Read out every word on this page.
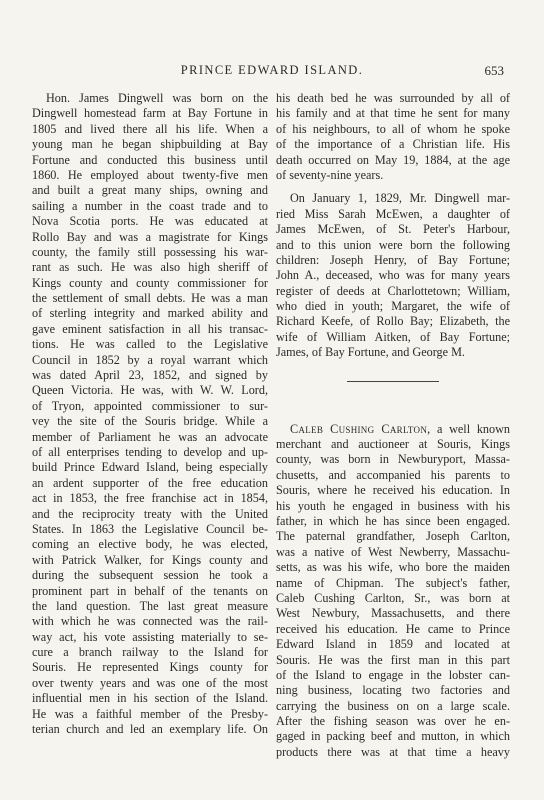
PRINCE EDWARD ISLAND.	653
Hon. James Dingwell was born on the
Dingwell homestead farm at Bay Fortune in
1805 and lived there all his life. When a
young man he began shipbuilding at Bay
Fortune and conducted this business until
1860. He employed about twenty-five men
and built a great many ships, owning and
sailing a number in the coast trade and to
Nova Scotia ports. He was educated at
Rollo Bay and was a magistrate for Kings
county, the family still possessing his war-
rant as such. He was also high sheriff of
Kings county and county commissioner for
the settlement of small debts. He was a man
of sterling integrity and marked ability and
gave eminent satisfaction in all his transac-
tions. He was called to the Legislative
Council in 1852 by a royal warrant which
was dated April 23, 1852, and signed by
Queen Victoria. He was, with W. W. Lord,
of Tryon, appointed commissioner to sur-
vey the site of the Souris bridge. While a
member of Parliament he was an advocate
of all enterprises tending to develop and up-
build Prince Edward Island, being especially
an ardent supporter of the free education
act in 1853, the free franchise act in 1854,
and the reciprocity treaty with the United
States. In 1863 the Legislative Council be-
coming an elective body, he was elected,
with Patrick Walker, for Kings county and
during the subsequent session he took a
prominent part in behalf of the tenants on
the land question. The last great measure
with which he was connected was the rail-
way act, his vote assisting materially to se-
cure a branch railway to the Island for
Souris. He represented Kings county for
over twenty years and was one of the most
influential men in his section of the Island.
He was a faithful member of the Presby-
terian church and led an exemplary life. On
his death bed he was surrounded by all of
his family and at that time he sent for many
of his neighbours, to all of whom he spoke
of the importance of a Christian life. His
death occurred on May 19, 1884, at the age
of seventy-nine years.
On January 1, 1829, Mr. Dingwell mar-
ried Miss Sarah McEwen, a daughter of
James McEwen, of St. Peter's Harbour,
and to this union were born the following
children: Joseph Henry, of Bay Fortune;
John A., deceased, who was for many years
register of deeds at Charlottetown; William,
who died in youth; Margaret, the wife of
Richard Keefe, of Rollo Bay; Elizabeth, the
wife of William Aitken, of Bay Fortune;
James, of Bay Fortune, and George M.
Caleb Cushing Carlton, a well known
merchant and auctioneer at Souris, Kings
county, was born in Newburyport, Massa-
chusetts, and accompanied his parents to
Souris, where he received his education. In
his youth he engaged in business with his
father, in which he has since been engaged.
The paternal grandfather, Joseph Carlton,
was a native of West Newberry, Massachu-
setts, as was his wife, who bore the maiden
name of Chipman. The subject's father,
Caleb Cushing Carlton, Sr., was born at
West Newbury, Massachusetts, and there
received his education. He came to Prince
Edward Island in 1859 and located at
Souris. He was the first man in this part
of the Island to engage in the lobster can-
ning business, locating two factories and
carrying the business on on a large scale.
After the fishing season was over he en-
gaged in packing beef and mutton, in which
products there was at that time a heavy
